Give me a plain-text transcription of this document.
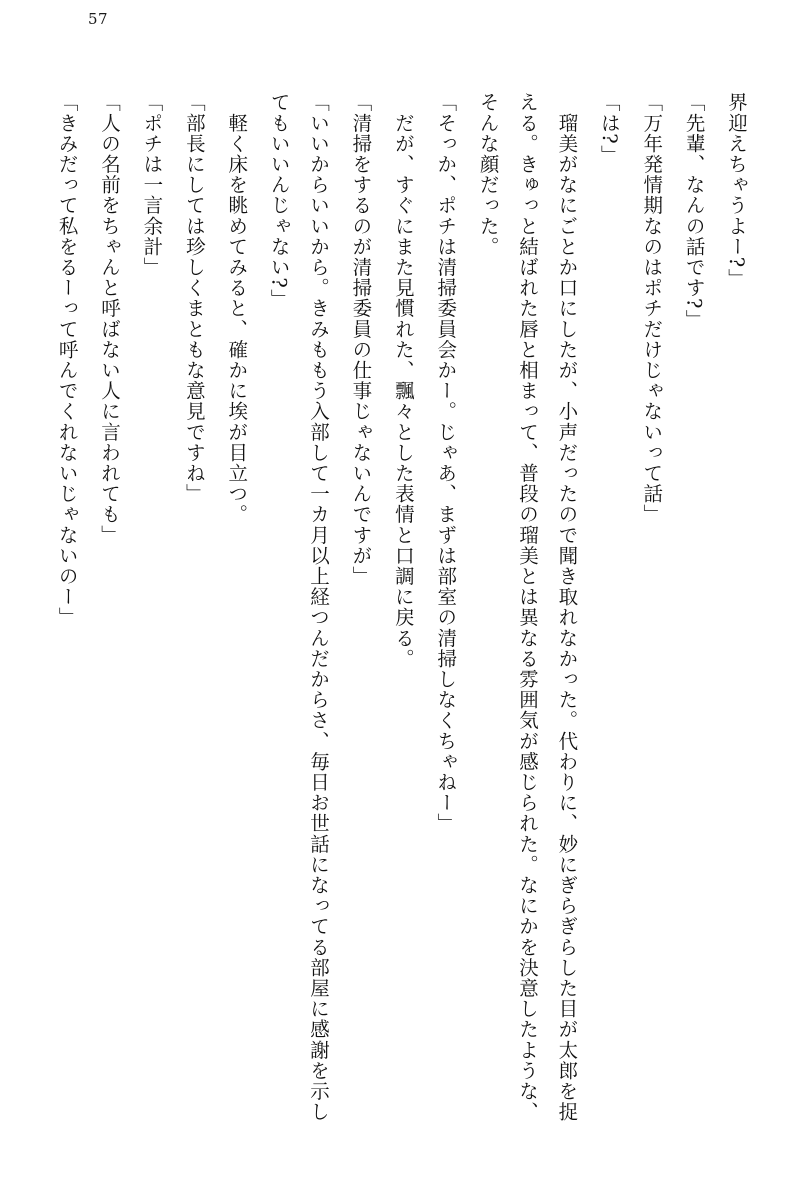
57

界迎えちゃうよー?」

「先輩、なんの話です?」

「万年発情期なのはポチだけじゃないって話」

「は?」

　瑠美がなにごとか口にしたが、小声だったので聞き取れなかった。代わりに、妙にぎらぎらした目が太郎を捉える。きゅっと結ばれた唇と相まって、普段の瑠美とは異なる雰囲気が感じられた。なにかを決意したような、そんな顔だった。

「そっか、ポチは清掃委員会かー。じゃあ、まずは部室の清掃しなくちゃねー」

　だが、すぐにまた見慣れた、飄々とした表情と口調に戻る。

「清掃をするのが清掃委員の仕事じゃないんですが」

「いいからいいから。きみももう入部して一カ月以上経つんだからさ、毎日お世話になってる部屋に感謝を示してもいいんじゃない?」

　軽く床を眺めてみると、確かに埃が目立つ。

「部長にしては珍しくまともな意見ですね」

「ポチは一言余計」

「人の名前をちゃんと呼ばない人に言われても」

「きみだって私をるーって呼んでくれないじゃないのー」
